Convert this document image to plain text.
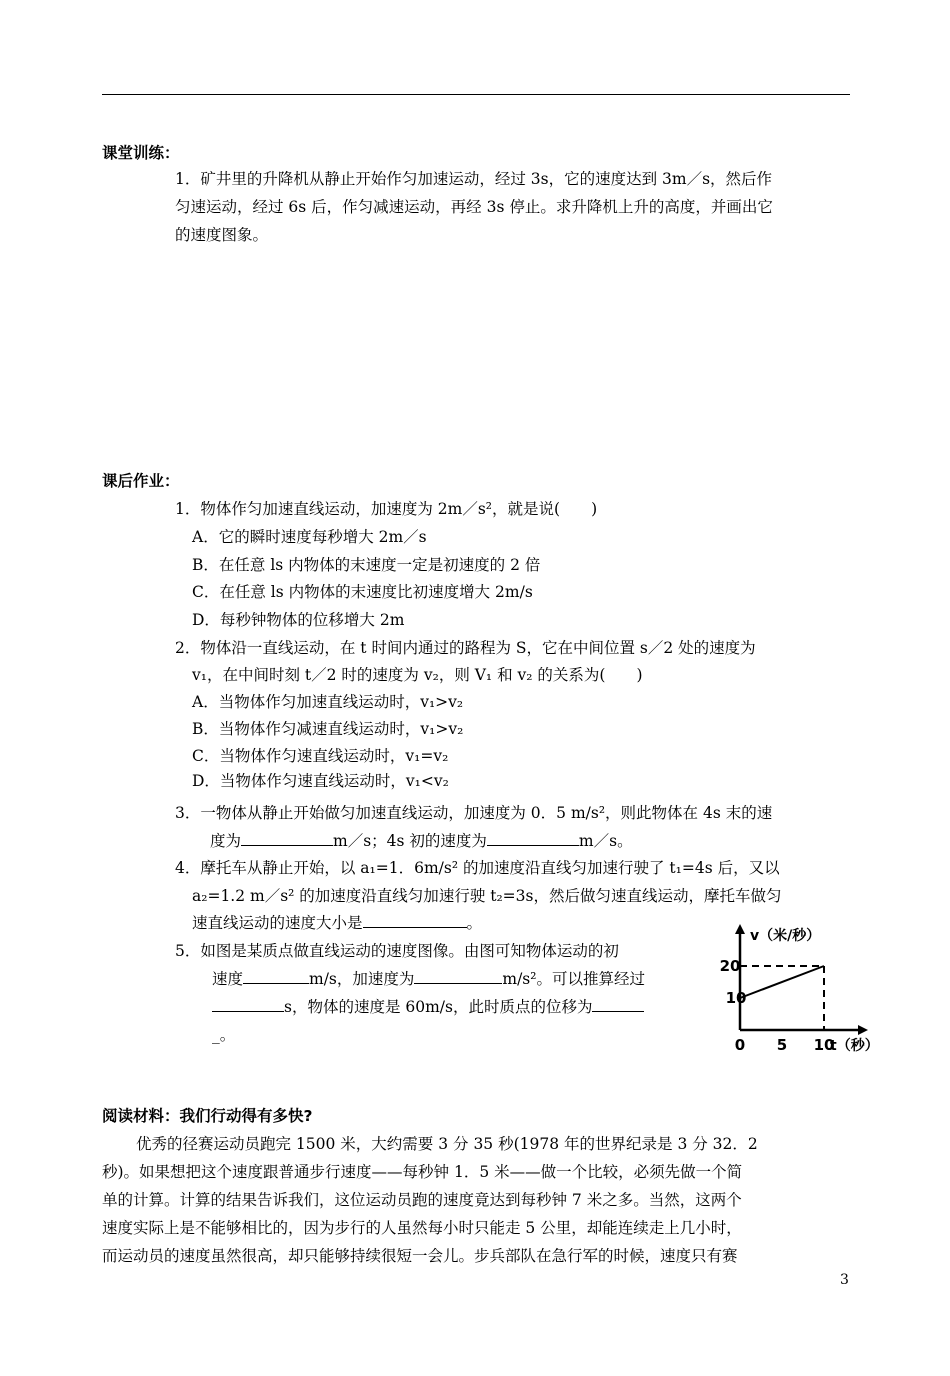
课堂训练：
1．矿井里的升降机从静止开始作匀加速运动，经过 3s，它的速度达到 3m／s，然后作
匀速运动，经过 6s 后，作匀减速运动，再经 3s 停止。求升降机上升的高度，并画出它
的速度图象。
课后作业：
1．物体作匀加速直线运动，加速度为 2m／s²，就是说(　　)
A．它的瞬时速度每秒增大 2m／s
B．在任意 ls 内物体的末速度一定是初速度的 2 倍
C．在任意 ls 内物体的末速度比初速度增大 2m/s
D．每秒钟物体的位移增大 2m
2．物体沿一直线运动，在 t 时间内通过的路程为 S，它在中间位置 s／2 处的速度为
v₁，在中间时刻 t／2 时的速度为 v₂，则 V₁ 和 v₂ 的关系为(　　)
A．当物体作匀加速直线运动时，v₁>v₂
B．当物体作匀减速直线运动时，v₁>v₂
C．当物体作匀速直线运动时，v₁=v₂
D．当物体作匀速直线运动时，v₁<v₂
3．一物体从静止开始做匀加速直线运动，加速度为 0．5 m/s²，则此物体在 4s 末的速
度为	m／s；4s 初的速度为	m／s。
4．摩托车从静止开始，以 a₁=1．6m/s² 的加速度沿直线匀加速行驶了 t₁=4s 后，又以
a₂=1.2 m／s² 的加速度沿直线匀加速行驶 t₂=3s，然后做匀速直线运动，摩托车做匀
速直线运动的速度大小是	。
5．如图是某质点做直线运动的速度图像。由图可知物体运动的初
速度	m/s，加速度为	m/s²。可以推算经过
s，物体的速度是 60m/s，此时质点的位移为
_。
0 5 10
10
20
v（米/秒）
t（秒）
阅读材料：我们行动得有多快?
优秀的径赛运动员跑完 1500 米，大约需要 3 分 35 秒(1978 年的世界纪录是 3 分 32．2
秒)。如果想把这个速度跟普通步行速度——每秒钟 1．5 米——做一个比较，必须先做一个简
单的计算。计算的结果告诉我们，这位运动员跑的速度竟达到每秒钟 7 米之多。当然，这两个
速度实际上是不能够相比的，因为步行的人虽然每小时只能走 5 公里，却能连续走上几小时，
而运动员的速度虽然很高，却只能够持续很短一会儿。步兵部队在急行军的时候，速度只有赛
3
